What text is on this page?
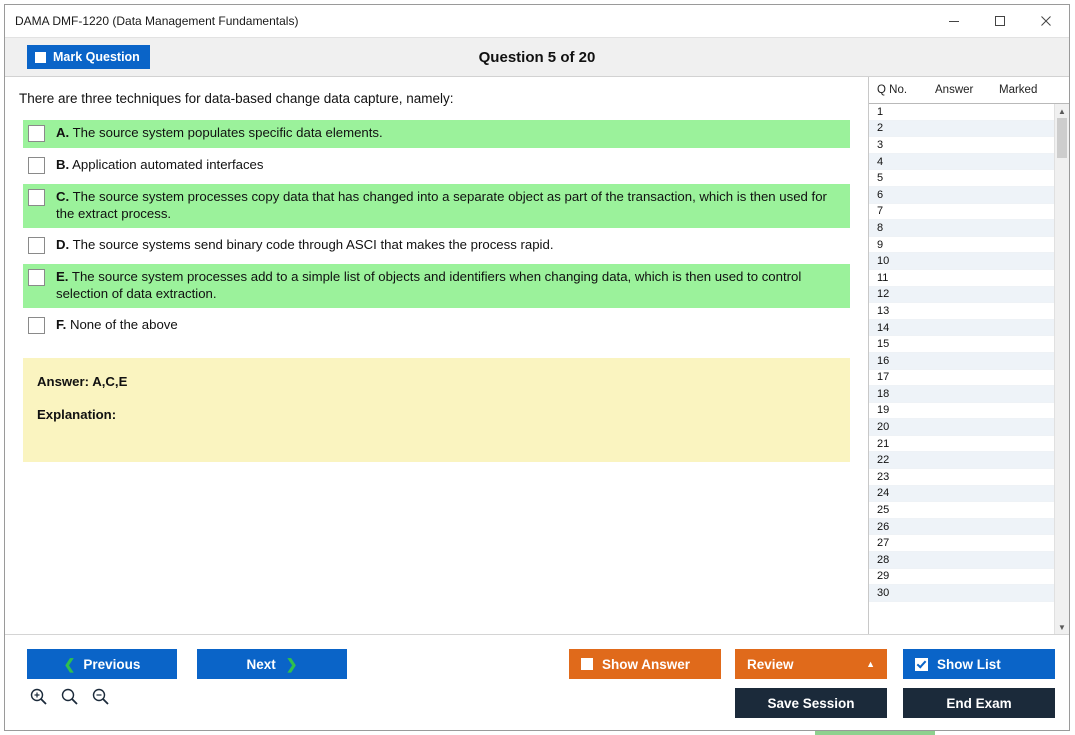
DAMA DMF-1220 (Data Management Fundamentals)
Mark Question	Question 5 of 20
There are three techniques for data-based change data capture, namely:
A. The source system populates specific data elements.
B. Application automated interfaces
C. The source system processes copy data that has changed into a separate object as part of the transaction, which is then used for the extract process.
D. The source systems send binary code through ASCI that makes the process rapid.
E. The source system processes add to a simple list of objects and identifiers when changing data, which is then used to control selection of data extraction.
F. None of the above
Answer: A,C,E
Explanation:
Q No.	Answer	Marked
1
2
3
4
5
6
7
8
9
10
11
12
13
14
15
16
17
18
19
20
21
22
23
24
25
26
27
28
29
30
▲
▼
❮ Previous	Next ❯	Show Answer	Review	▲	Show List
Save Session	End Exam
